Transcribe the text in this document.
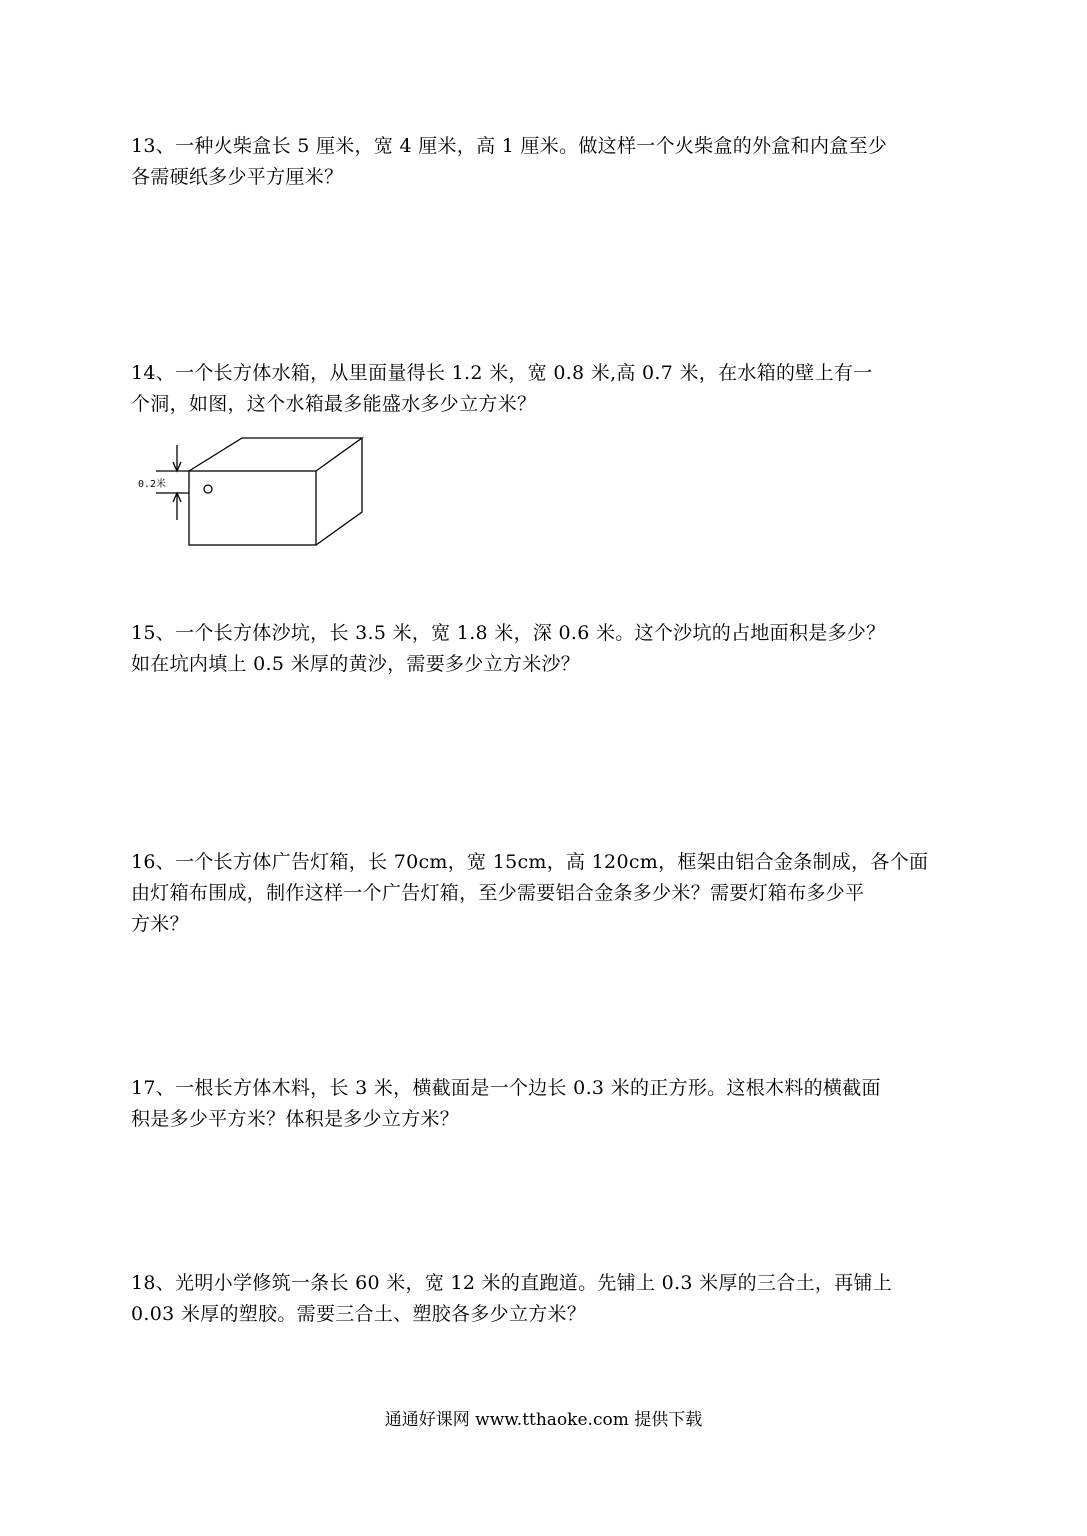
13、一种火柴盒长 5 厘米，宽 4 厘米，高 1 厘米。做这样一个火柴盒的外盒和内盒至少

各需硬纸多少平方厘米？

14、一个长方体水箱，从里面量得长 1.2 米，宽 0.8 米,高 0.7 米，在水箱的壁上有一

个洞，如图，这个水箱最多能盛水多少立方米？

0.2米

15、一个长方体沙坑，长 3.5 米，宽 1.8 米，深 0.6 米。这个沙坑的占地面积是多少？

如在坑内填上 0.5 米厚的黄沙，需要多少立方米沙？

16、一个长方体广告灯箱，长 70cm，宽 15cm，高 120cm，框架由铝合金条制成，各个面

由灯箱布围成，制作这样一个广告灯箱，至少需要铝合金条多少米？需要灯箱布多少平

方米？

17、一根长方体木料，长 3 米，横截面是一个边长 0.3 米的正方形。这根木料的横截面

积是多少平方米？体积是多少立方米？

18、光明小学修筑一条长 60 米，宽 12 米的直跑道。先铺上 0.3 米厚的三合土，再铺上

0.03 米厚的塑胶。需要三合土、塑胶各多少立方米？

通通好课网 www.tthaoke.com 提供下载
